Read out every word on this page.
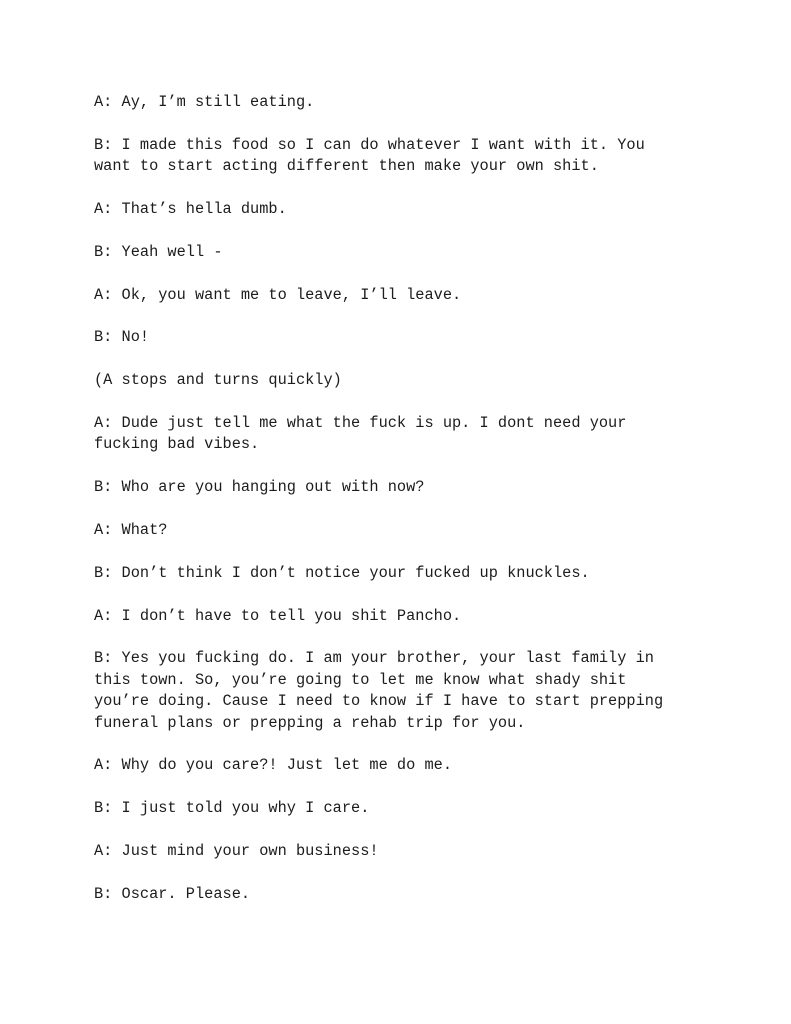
A: Ay, I’m still eating.

B: I made this food so I can do whatever I want with it. You
want to start acting different then make your own shit.

A: That’s hella dumb.

B: Yeah well -

A: Ok, you want me to leave, I’ll leave.

B: No!

(A stops and turns quickly)

A: Dude just tell me what the fuck is up. I dont need your
fucking bad vibes.

B: Who are you hanging out with now?

A: What?

B: Don’t think I don’t notice your fucked up knuckles.

A: I don’t have to tell you shit Pancho.

B: Yes you fucking do. I am your brother, your last family in
this town. So, you’re going to let me know what shady shit
you’re doing. Cause I need to know if I have to start prepping
funeral plans or prepping a rehab trip for you.

A: Why do you care?! Just let me do me.

B: I just told you why I care.

A: Just mind your own business!

B: Oscar. Please.
